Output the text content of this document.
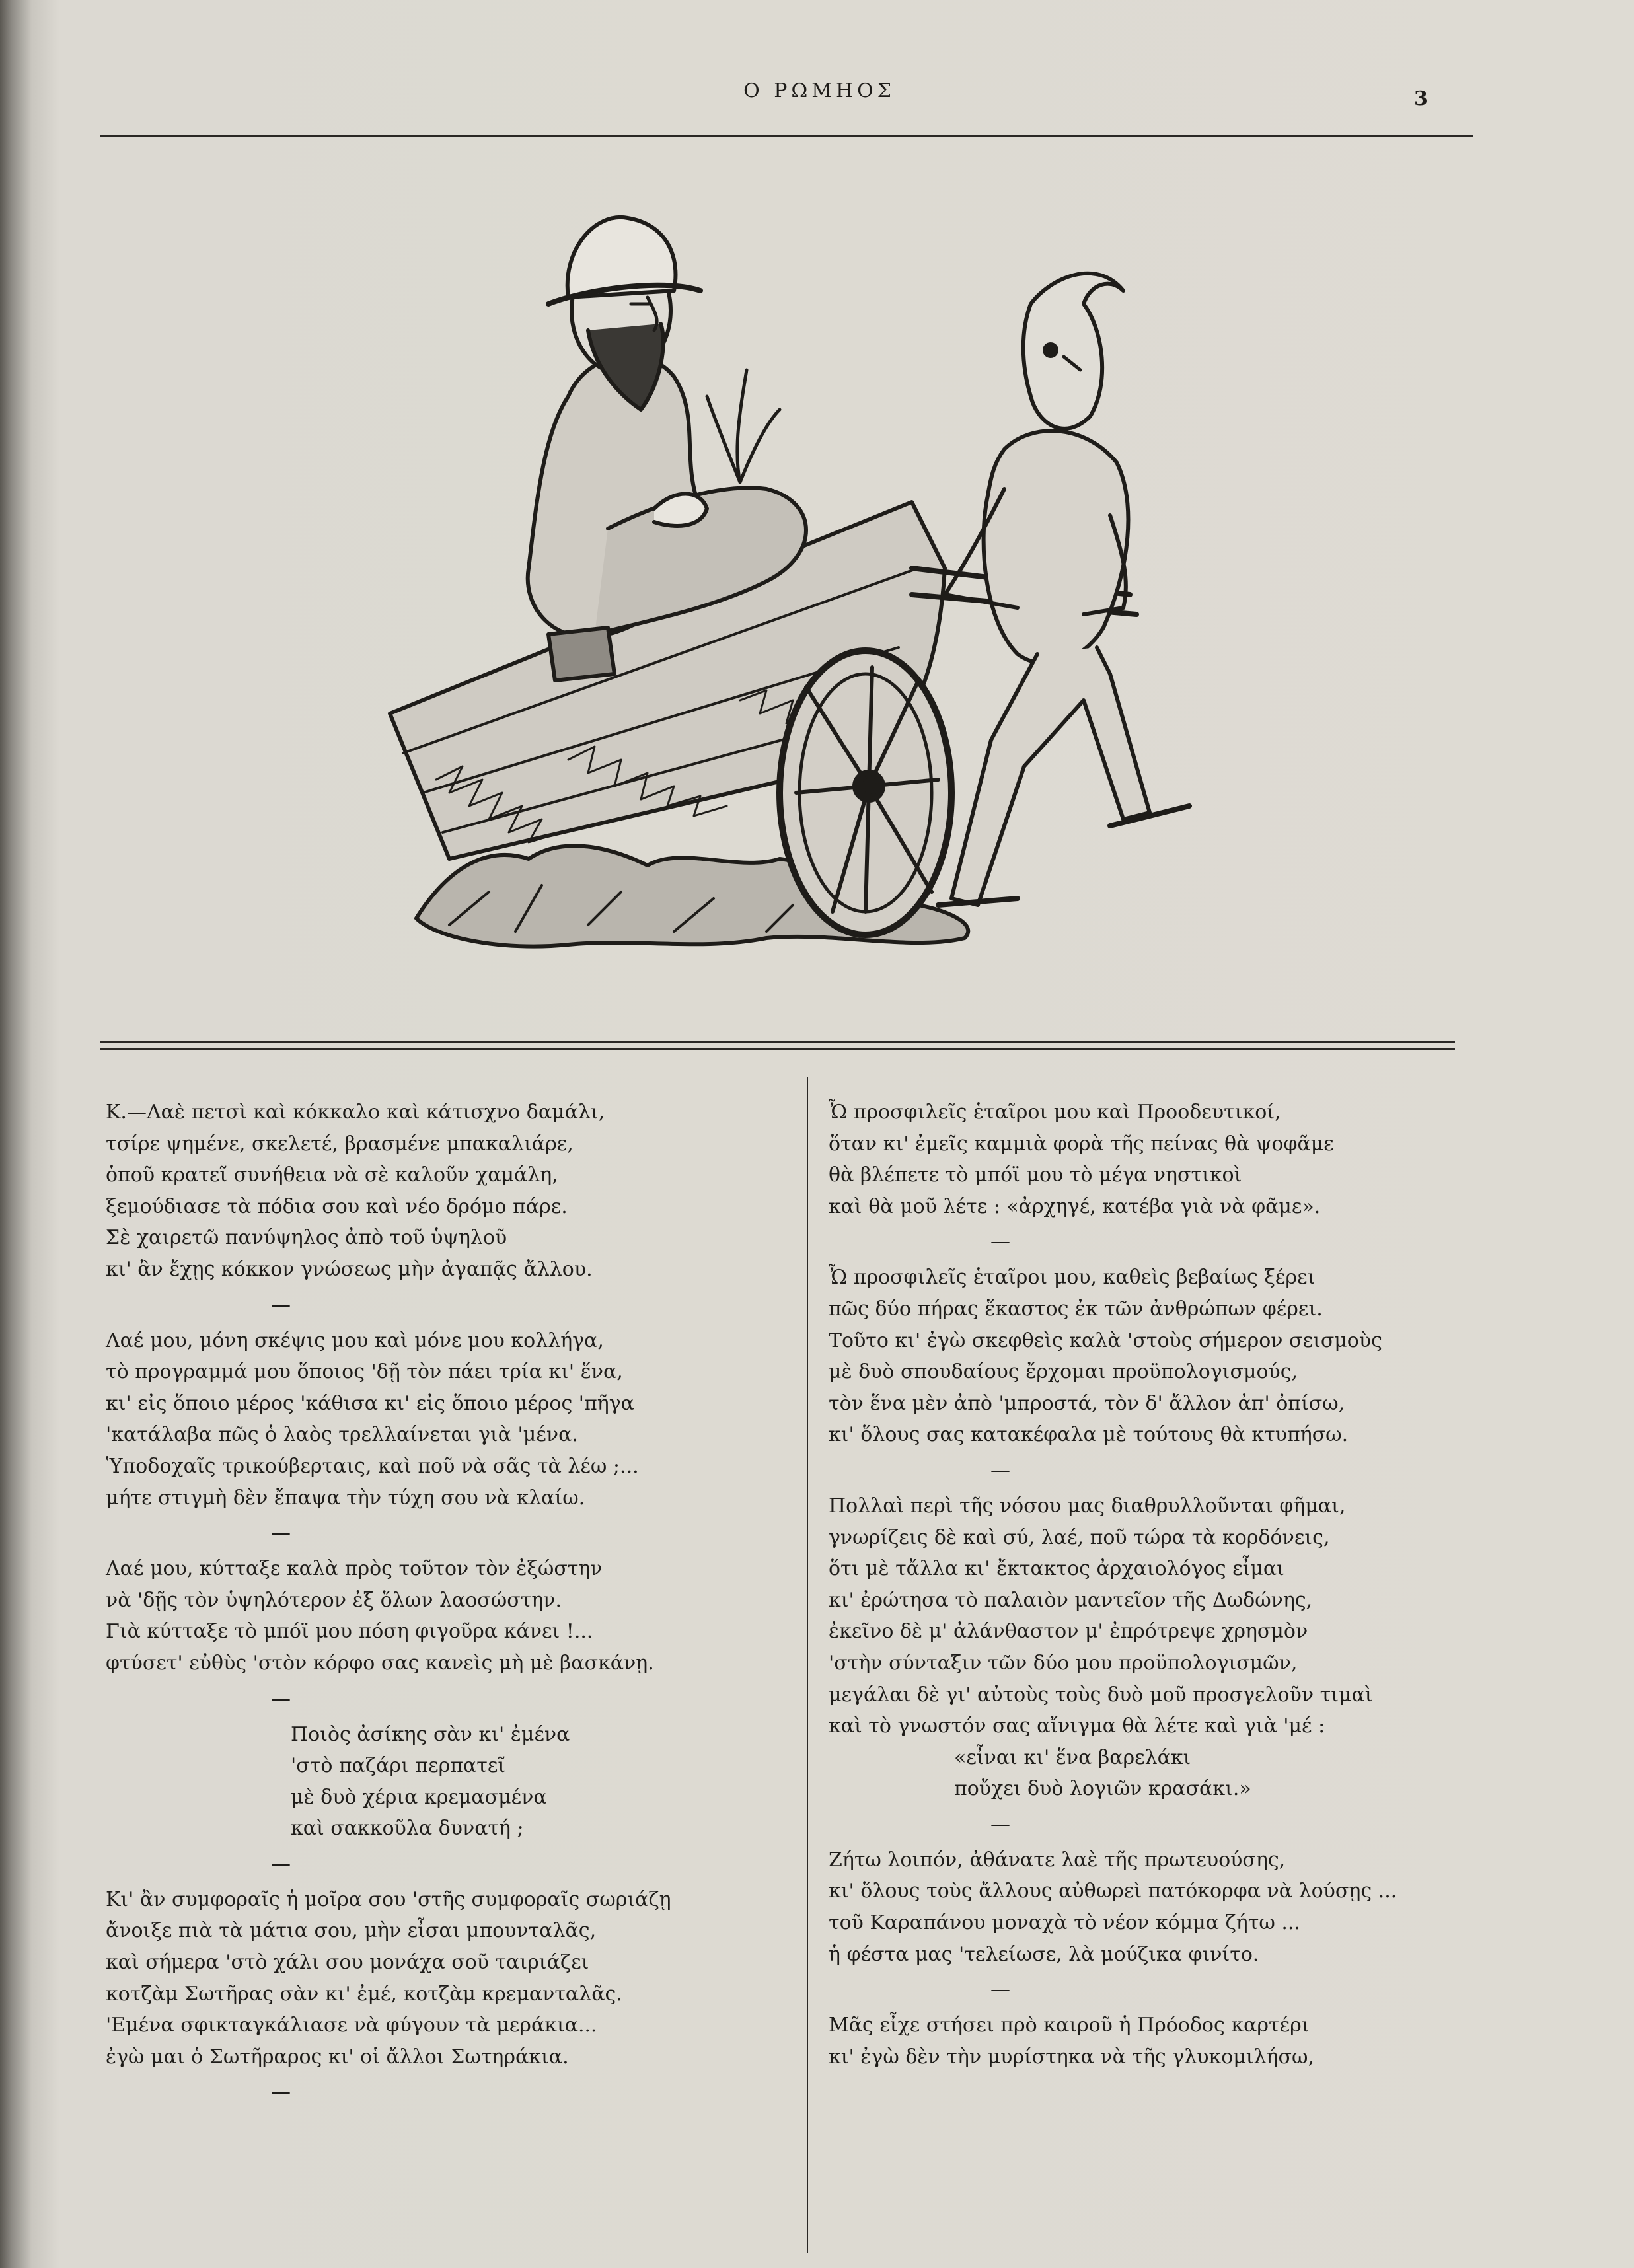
Ο ΡΩΜΗΟΣ	3
Κ.—Λαὲ πετσὶ καὶ κόκκαλο καὶ κάτισχνο δαμάλι,
τσίρε ψημένε, σκελετέ, βρασμένε μπακαλιάρε,
ὁποῦ κρατεῖ συνήθεια νὰ σὲ καλοῦν χαμάλη,
ξεμούδιασε τὰ πόδια σου καὶ νέο δρόμο πάρε.
Σὲ χαιρετῶ πανύψηλος ἀπὸ τοῦ ὑψηλοῦ
κι' ἂν ἔχῃς κόκκον γνώσεως μὴν ἀγαπᾷς ἄλλου.
—
Λαέ μου, μόνη σκέψις μου καὶ μόνε μου κολλήγα,
τὸ προγραμμά μου ὅποιος 'δῇ τὸν πάει τρία κι' ἕνα,
κι' εἰς ὅποιο μέρος 'κάθισα κι' εἰς ὅποιο μέρος 'πῆγα
'κατάλαβα πῶς ὁ λαὸς τρελλαίνεται γιὰ 'μένα.
Ὑποδοχαῖς τρικούβερταις, καὶ ποῦ νὰ σᾶς τὰ λέω ;...
μήτε στιγμὴ δὲν ἔπαψα τὴν τύχη σου νὰ κλαίω.
—
Λαέ μου, κύτταξε καλὰ πρὸς τοῦτον τὸν ἐξώστην
νὰ 'δῇς τὸν ὑψηλότερον ἐξ ὅλων λαοσώστην.
Γιὰ κύτταξε τὸ μπόϊ μου πόση φιγοῦρα κάνει !...
φτύσετ' εὐθὺς 'στὸν κόρφο σας κανεὶς μὴ μὲ βασκάνῃ.
—
Ποιὸς ἀσίκης σὰν κι' ἐμένα
'στὸ παζάρι περπατεῖ
μὲ δυὸ χέρια κρεμασμένα
καὶ σακκοῦλα δυνατή ;
—
Κι' ἂν συμφοραῖς ἡ μοῖρα σου 'στῆς συμφοραῖς σωριάζῃ
ἄνοιξε πιὰ τὰ μάτια σου, μὴν εἶσαι μπουνταλᾶς,
καὶ σήμερα 'στὸ χάλι σου μονάχα σοῦ ταιριάζει
κοτζὰμ Σωτῆρας σὰν κι' ἐμέ, κοτζὰμ κρεμανταλᾶς.
'Εμένα σφικταγκάλιασε νὰ φύγουν τὰ μεράκια...
ἐγὼ μαι ὁ Σωτῆραρος κι' οἱ ἄλλοι Σωτηράκια.
—
Ὦ προσφιλεῖς ἑταῖροι μου καὶ Προοδευτικοί,
ὅταν κι' ἐμεῖς καμμιὰ φορὰ τῆς πείνας θὰ ψοφᾶμε
θὰ βλέπετε τὸ μπόϊ μου τὸ μέγα νηστικοὶ
καὶ θὰ μοῦ λέτε : «ἀρχηγέ, κατέβα γιὰ νὰ φᾶμε».
—
Ὦ προσφιλεῖς ἑταῖροι μου, καθεὶς βεβαίως ξέρει
πῶς δύο πήρας ἕκαστος ἐκ τῶν ἀνθρώπων φέρει.
Τοῦτο κι' ἐγὼ σκεφθεὶς καλὰ 'στοὺς σήμερον σεισμοὺς
μὲ δυὸ σπουδαίους ἔρχομαι προϋπολογισμούς,
τὸν ἕνα μὲν ἀπὸ 'μπροστά, τὸν δ' ἄλλον ἀπ' ὀπίσω,
κι' ὅλους σας κατακέφαλα μὲ τούτους θὰ κτυπήσω.
—
Πολλαὶ περὶ τῆς νόσου μας διαθρυλλοῦνται φῆμαι,
γνωρίζεις δὲ καὶ σύ, λαέ, ποῦ τώρα τὰ κορδόνεις,
ὅτι μὲ τἄλλα κι' ἔκτακτος ἀρχαιολόγος εἶμαι
κι' ἐρώτησα τὸ παλαιὸν μαντεῖον τῆς Δωδώνης,
ἐκεῖνο δὲ μ' ἀλάνθαστον μ' ἐπρότρεψε χρησμὸν
'στὴν σύνταξιν τῶν δύο μου προϋπολογισμῶν,
μεγάλαι δὲ γι' αὐτοὺς τοὺς δυὸ μοῦ προσγελοῦν τιμαὶ
καὶ τὸ γνωστόν σας αἴνιγμα θὰ λέτε καὶ γιὰ 'μέ :
«εἶναι κι' ἕνα βαρελάκι
ποὔχει δυὸ λογιῶν κρασάκι.»
—
Ζήτω λοιπόν, ἀθάνατε λαὲ τῆς πρωτευούσης,
κι' ὅλους τοὺς ἄλλους αὐθωρεὶ πατόκορφα νὰ λούσῃς ...
τοῦ Καραπάνου μοναχὰ τὸ νέον κόμμα ζήτω ...
ἡ φέστα μας 'τελείωσε, λὰ μούζικα φινίτο.
—
Μᾶς εἶχε στήσει πρὸ καιροῦ ἡ Πρόοδος καρτέρι
κι' ἐγὼ δὲν τὴν μυρίστηκα νὰ τῆς γλυκομιλήσω,
